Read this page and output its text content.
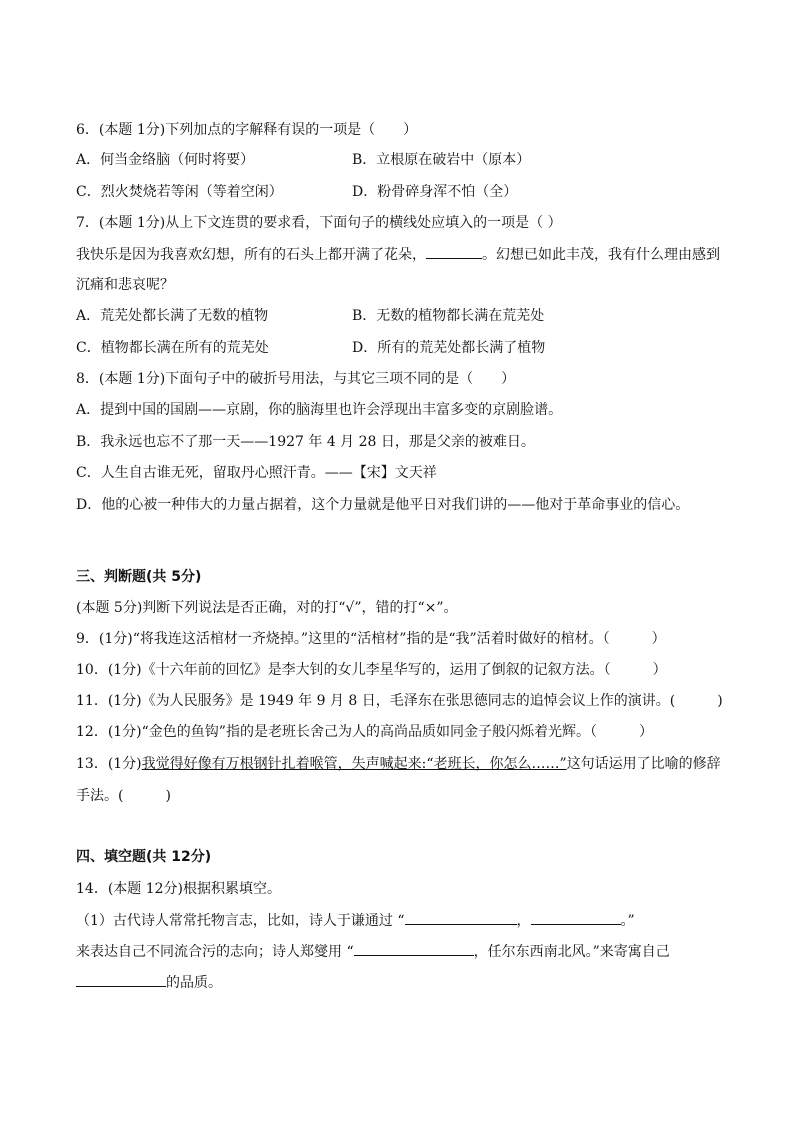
6．(本题 1分)下列加点的字解释有误的一项是（　　）
A．何当金络脑（何时将要）	B．立根原在破岩中（原本）
C．烈火焚烧若等闲（等着空闲）	D．粉骨碎身浑不怕（全）
7．(本题 1分)从上下文连贯的要求看，下面句子的横线处应填入的一项是（ ）
我快乐是因为我喜欢幻想，所有的石头上都开满了花朵，	。幻想已如此丰茂，我有什么理由感到
沉痛和悲哀呢？
A．荒芜处都长满了无数的植物	B．无数的植物都长满在荒芜处
C．植物都长满在所有的荒芜处	D．所有的荒芜处都长满了植物
8．(本题 1分)下面句子中的破折号用法，与其它三项不同的是（　　）
A．提到中国的国剧——京剧，你的脑海里也许会浮现出丰富多变的京剧脸谱。
B．我永远也忘不了那一天——1927 年 4 月 28 日，那是父亲的被难日。
C．人生自古谁无死，留取丹心照汗青。——【宋】文天祥
D．他的心被一种伟大的力量占据着，这个力量就是他平日对我们讲的——他对于革命事业的信心。
三、判断题(共 5分)
(本题 5分)判断下列说法是否正确，对的打“√”，错的打“×”。
9．(1分)“将我连这活棺材一齐烧掉。”这里的“活棺材”指的是“我”活着时做好的棺材。（　　　）
10．(1分)《十六年前的回忆》是李大钊的女儿李星华写的，运用了倒叙的记叙方法。（　　　）
11．(1分)《为人民服务》是 1949 年 9 月 8 日，毛泽东在张思德同志的追悼会议上作的演讲。(　　　)
12．(1分)“金色的鱼钩”指的是老班长舍己为人的高尚品质如同金子般闪烁着光辉。（　　　）
13．(1分)我觉得好像有万根钢针扎着喉管，失声喊起来:“老班长，你怎么……”这句话运用了比喻的修辞
手法。(　　　)
四、填空题(共 12分)
14．(本题 12分)根据积累填空。
（1）古代诗人常常托物言志，比如，诗人于谦通过 “	，	。”
来表达自己不同流合污的志向；诗人郑燮用 “	，任尔东西南北风。”来寄寓自己
的品质。
